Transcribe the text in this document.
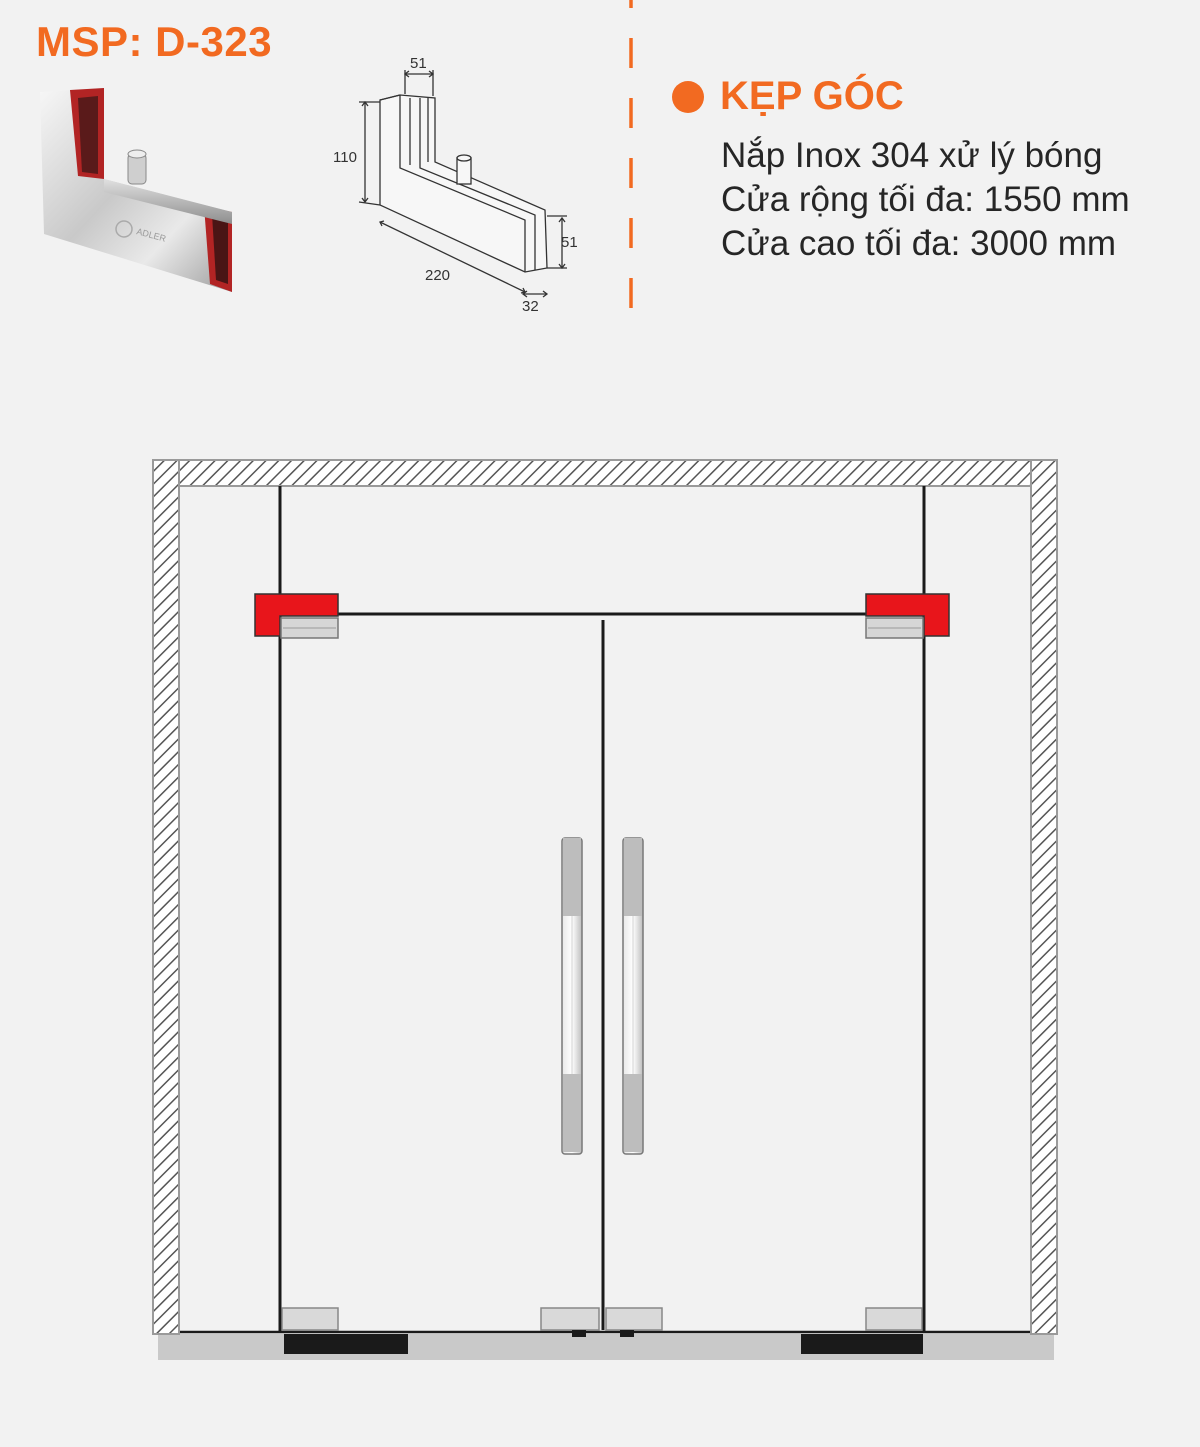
MSP: D-323
ADLER
51
110
220
51
32
KẸP GÓC
Nắp Inox 304 xử lý bóng
Cửa rộng tối đa: 1550 mm
Cửa cao tối đa: 3000 mm
